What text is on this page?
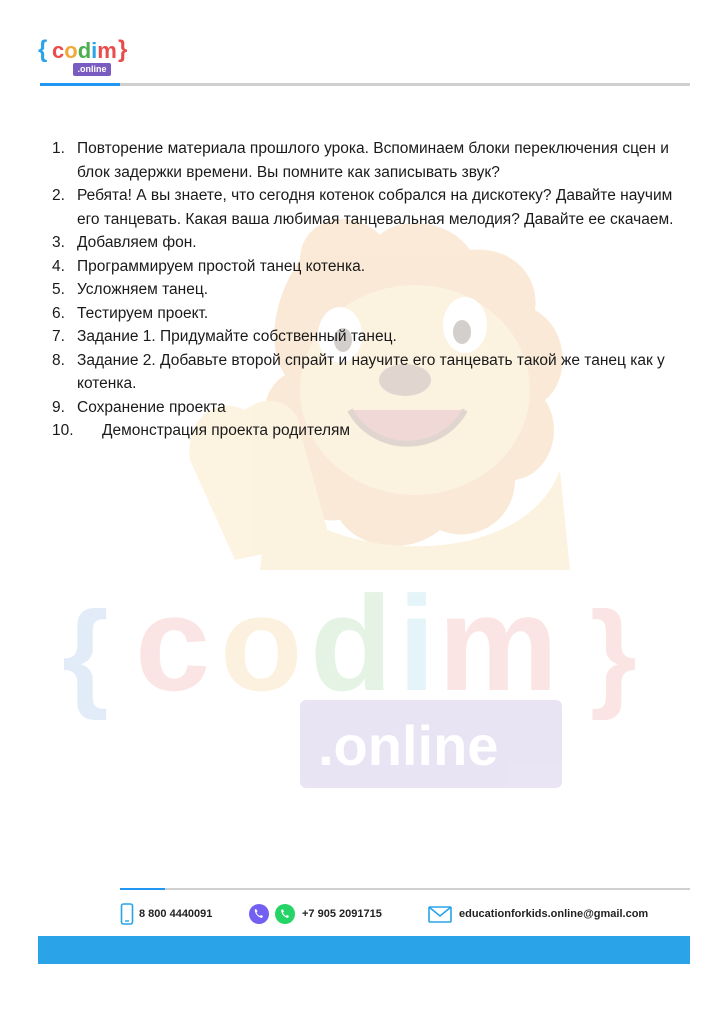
{ c o d i m }
.online
{ codim }
.online
1. Повторение материала прошлого урока. Вспоминаем блоки переключения сцен и блок задержки времени. Вы помните как записывать звук?
2. Ребята! А вы знаете, что сегодня котенок собрался на дискотеку? Давайте научим его танцевать. Какая ваша любимая танцевальная мелодия? Давайте ее скачаем.
3. Добавляем фон.
4. Программируем простой танец котенка.
5. Усложняем танец.
6. Тестируем проект.
7. Задание 1. Придумайте собственный танец.
8. Задание 2. Добавьте второй спрайт и научите его танцевать такой же танец как у котенка.
9. Сохранение проекта
10. Демонстрация проекта родителям
8 800 4440091	+7 905 2091715	educationforkids.online@gmail.com
